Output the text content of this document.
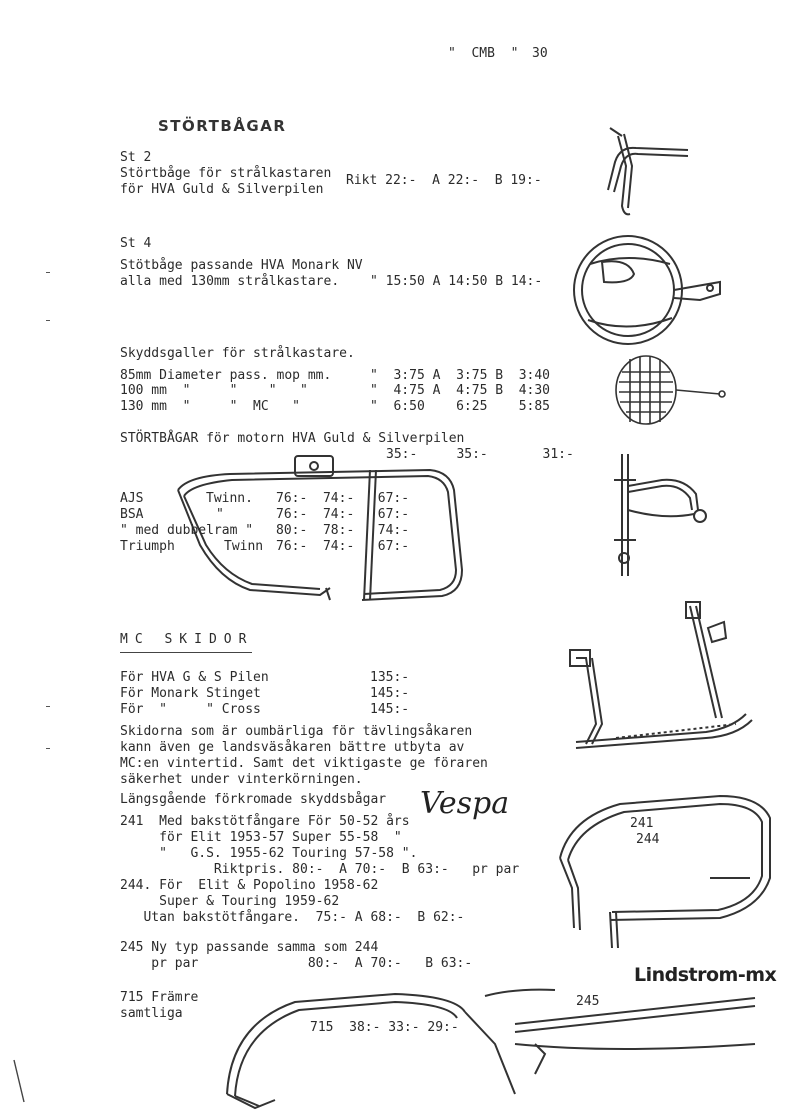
"  CMB  " 30
STÖRTBÅGAR
St 2
Störtbåge för strålkastaren
för HVA Guld & Silverpilen
Rikt 22:-  A 22:-  B 19:-
St 4
Stötbåge passande HVA Monark NV
alla med 130mm strålkastare. " 15:50 A 14:50 B 14:-
Skyddsgaller för strålkastare.
85mm Diameter pass. mop mm.	"  3:75 A  3:75 B  3:40
100 mm  "     "    "   "	"  4:75 A  4:75 B  4:30
130 mm  "     "  MC   "	"  6:50    6:25    5:85
STÖRTBÅGAR för motorn HVA Guld & Silverpilen
35:-     35:-       31:-
AJS	Twinn. 76:-  74:-   67:-
BSA	"	76:-  74:-   67:-
" med dubbelram " 80:-  78:-   74:-
Triumph	Twinn 76:-  74:-   67:-
MC SKIDOR
För HVA G & S Pilen	135:-
För Monark Stinget	145:-
För  "     " Cross	145:-
Skidorna som är oumbärliga för tävlingsåkaren
kann även ge landsväsåkaren bättre utbyta av
MC:en vintertid. Samt det viktigaste ge föraren
säkerhet under vinterkörningen.
Längsgående förkromade skyddsbågar Vespa
241  Med bakstötfångare För 50-52 års
för Elit 1953-57 Super 55-58  "
"   G.S. 1955-62 Touring 57-58 ".
Riktpris. 80:-  A 70:-  B 63:-   pr par
244. För  Elit & Popolino 1958-62
Super & Touring 1959-62
Utan bakstötfångare.  75:- A 68:-  B 62:-
245 Ny typ passande samma som 244
pr par              80:-  A 70:-   B 63:-
715 Främre
samtliga
715  38:- 33:- 29:-
241
244
Lindstrom-mx
245
